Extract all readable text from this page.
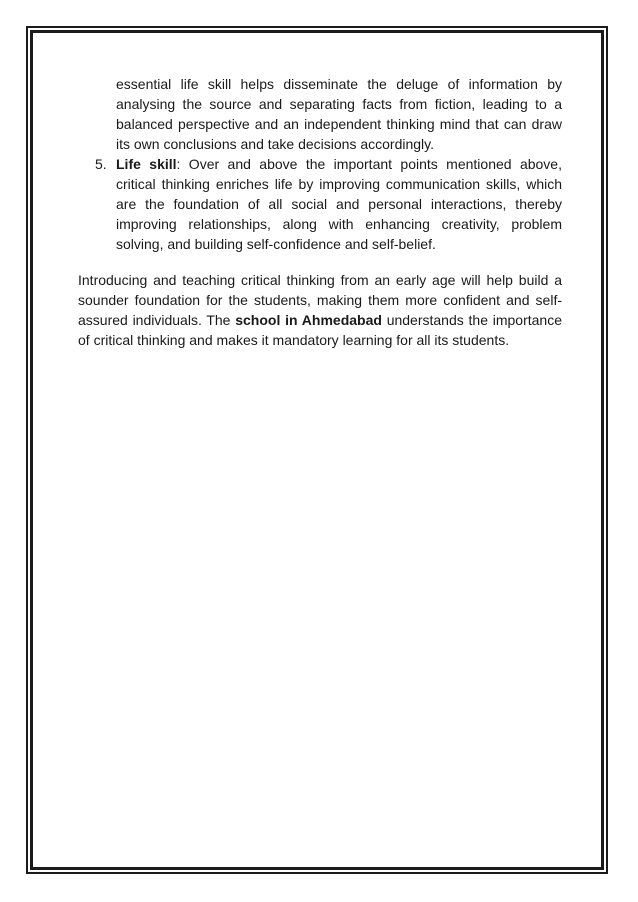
essential life skill helps disseminate the deluge of information by analysing the source and separating facts from fiction, leading to a balanced perspective and an independent thinking mind that can draw its own conclusions and take decisions accordingly.
5. Life skill: Over and above the important points mentioned above, critical thinking enriches life by improving communication skills, which are the foundation of all social and personal interactions, thereby improving relationships, along with enhancing creativity, problem solving, and building self-confidence and self-belief.
Introducing and teaching critical thinking from an early age will help build a sounder foundation for the students, making them more confident and self-assured individuals. The school in Ahmedabad understands the importance of critical thinking and makes it mandatory learning for all its students.
